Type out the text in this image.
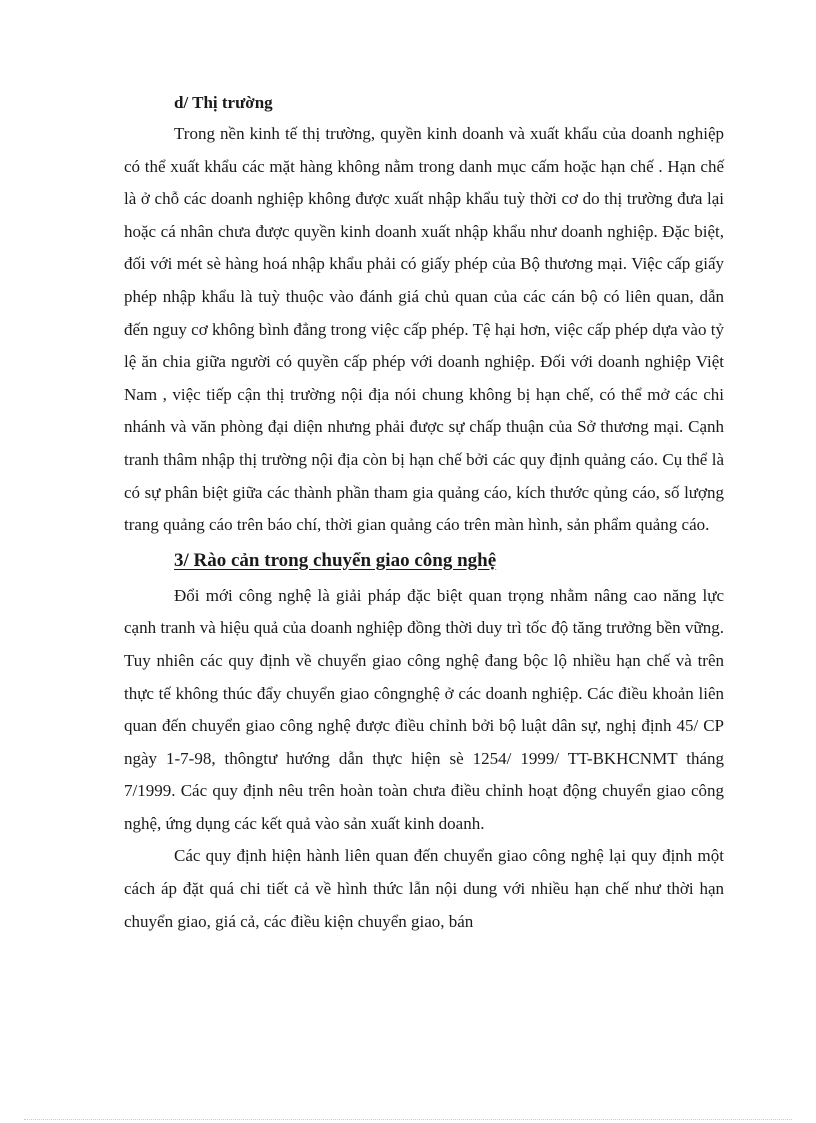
d/ Thị trường

Trong nền kinh tế thị trường, quyền kinh doanh và xuất khẩu của doanh nghiệp có thể xuất khẩu các mặt hàng không nằm trong danh mục cấm hoặc hạn chế . Hạn chế là ở chỗ các doanh nghiệp không được xuất nhập khẩu tuỳ thời cơ do thị trường đưa lại hoặc cá nhân chưa được quyền kinh doanh xuất nhập khẩu như doanh nghiệp. Đặc biệt, đối với mét sè hàng hoá nhập khẩu phải có giấy phép của Bộ thương mại. Việc cấp giấy phép nhập khẩu là tuỳ thuộc vào đánh giá chủ quan của các cán bộ có liên quan, dẫn đến nguy cơ không bình đẳng trong việc cấp phép. Tệ hại hơn, việc cấp phép dựa vào tỷ lệ ăn chia giữa người có quyền cấp phép với doanh nghiệp. Đối với doanh nghiệp Việt Nam , việc tiếp cận thị trường nội địa nói chung không bị hạn chế, có thể mở các chi nhánh và văn phòng đại diện nhưng phải được sự chấp thuận của Sở thương mại. Cạnh tranh thâm nhập thị trường nội địa còn bị hạn chế bởi các quy định quảng cáo. Cụ thể là có sự phân biệt giữa các thành phần tham gia quảng cáo, kích thước qủng cáo, số lượng trang quảng cáo trên báo chí, thời gian quảng cáo trên màn hình, sản phẩm quảng cáo.

3/ Rào cản trong chuyển giao công nghệ

Đổi mới công nghệ là giải pháp đặc biệt quan trọng nhằm nâng cao năng lực cạnh tranh và hiệu quả của doanh nghiệp đồng thời duy trì tốc độ tăng trưởng bền vững. Tuy nhiên các quy định về chuyển giao công nghệ đang bộc lộ nhiều hạn chế và trên thực tế không thúc đẩy chuyển giao côngnghệ ở các doanh nghiệp. Các điều khoản liên quan đến chuyển giao công nghệ được điều chỉnh bởi bộ luật dân sự, nghị định 45/ CP ngày 1-7-98, thôngtư hướng dẫn thực hiện sè 1254/ 1999/ TT-BKHCNMT tháng 7/1999. Các quy định nêu trên hoàn toàn chưa điều chỉnh hoạt động chuyển giao công nghệ, ứng dụng các kết quả vào sản xuất kinh doanh.

Các quy định hiện hành liên quan đến chuyển giao công nghệ lại quy định một cách áp đặt quá chi tiết cả về hình thức lẫn nội dung với nhiều hạn chế như thời hạn chuyển giao, giá cả, các điều kiện chuyển giao, bán
